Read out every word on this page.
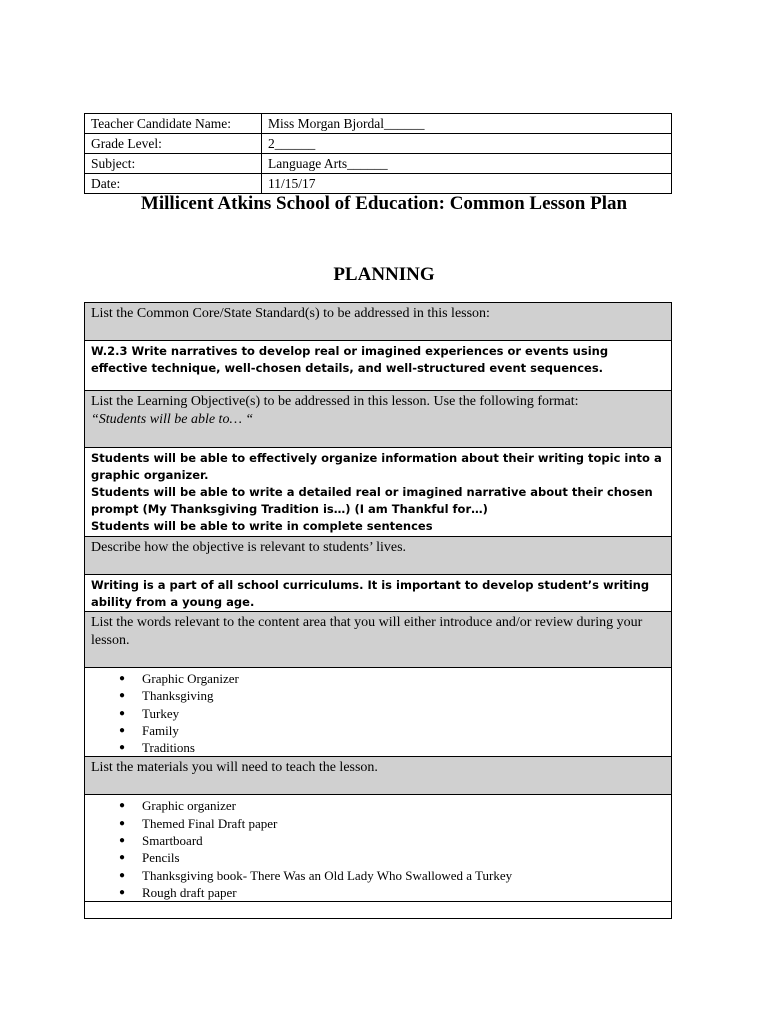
Teacher Candidate Name:	Miss Morgan Bjordal______
Grade Level:	2______
Subject:	Language Arts______
Date:	11/15/17
Millicent Atkins School of Education: Common Lesson Plan
PLANNING
List the Common Core/State Standard(s) to be addressed in this lesson:
W.2.3 Write narratives to develop real or imagined experiences or events using effective technique, well-chosen details, and well-structured event sequences.

List the Learning Objective(s) to be addressed in this lesson. Use the following format:
“Students will be able to… “

Students will be able to effectively organize information about their writing topic into a graphic organizer.

Students will be able to write a detailed real or imagined narrative about their chosen prompt (My Thanksgiving Tradition is…) (I am Thankful for…)

Students will be able to write in complete sentences

Describe how the objective is relevant to students’ lives.
Writing is a part of all school curriculums. It is important to develop student’s writing ability from a young age.
List the words relevant to the content area that you will either introduce and/or review during your lesson.

● Graphic Organizer
● Thanksgiving
● Turkey
● Family
● Traditions

List the materials you will need to teach the lesson.

● Graphic organizer
● Themed Final Draft paper
● Smartboard
● Pencils
● Thanksgiving book- There Was an Old Lady Who Swallowed a Turkey
● Rough draft paper
